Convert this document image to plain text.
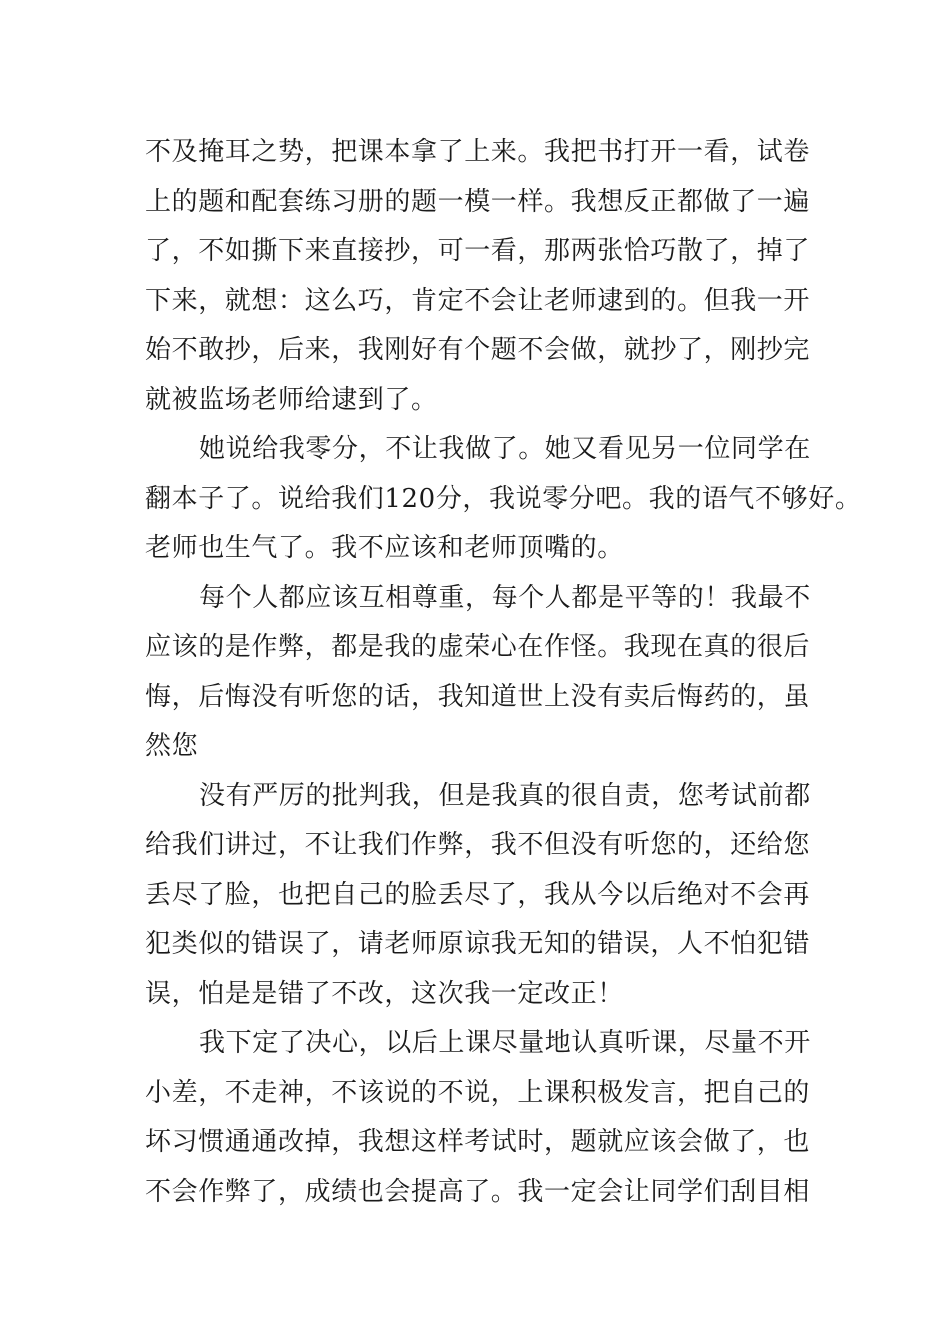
不及掩耳之势，把课本拿了上来。我把书打开一看，试卷
上的题和配套练习册的题一模一样。我想反正都做了一遍
了，不如撕下来直接抄，可一看，那两张恰巧散了，掉了
下来，就想：这么巧，肯定不会让老师逮到的。但我一开
始不敢抄，后来，我刚好有个题不会做，就抄了，刚抄完
就被监场老师给逮到了。
她说给我零分，不让我做了。她又看见另一位同学在
翻本子了。说给我们120分，我说零分吧。我的语气不够好。
老师也生气了。我不应该和老师顶嘴的。
每个人都应该互相尊重，每个人都是平等的！我最不
应该的是作弊，都是我的虚荣心在作怪。我现在真的很后
悔，后悔没有听您的话，我知道世上没有卖后悔药的，虽
然您
没有严厉的批判我，但是我真的很自责，您考试前都
给我们讲过，不让我们作弊，我不但没有听您的，还给您
丢尽了脸，也把自己的脸丢尽了，我从今以后绝对不会再
犯类似的错误了，请老师原谅我无知的错误，人不怕犯错
误，怕是是错了不改，这次我一定改正！
我下定了决心，以后上课尽量地认真听课，尽量不开
小差，不走神，不该说的不说，上课积极发言，把自己的
坏习惯通通改掉，我想这样考试时，题就应该会做了，也
不会作弊了，成绩也会提高了。我一定会让同学们刮目相
